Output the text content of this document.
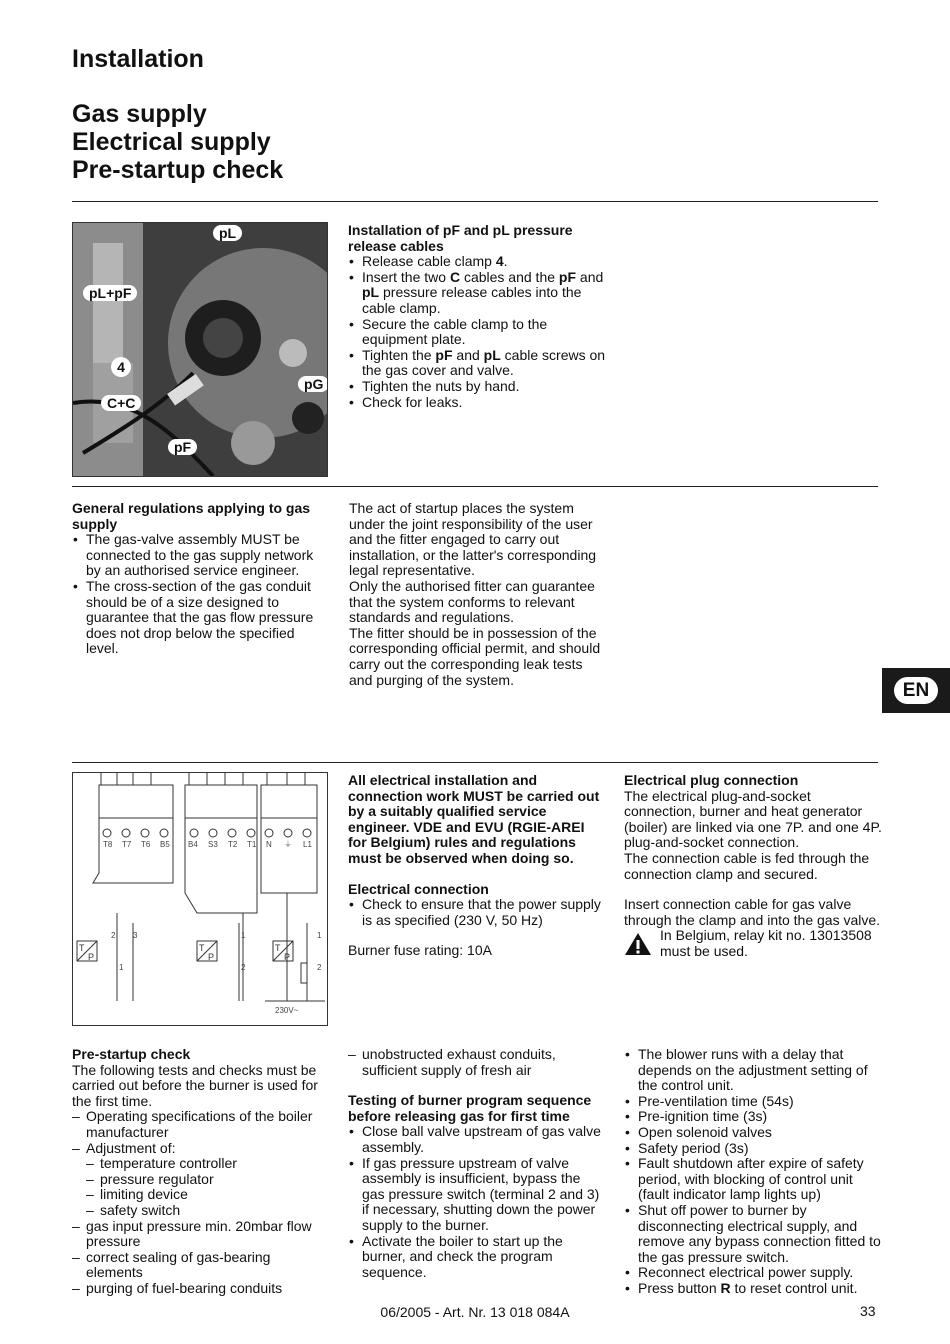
Installation
Gas supply
Electrical supply
Pre-startup check
pL
pL+pF
4
C+C
pF
pG
Installation of pF and pL pressure release cables
• Release cable clamp 4.
• Insert the two C cables and the pF and pL pressure release cables into the cable clamp.
• Secure the cable clamp to the equipment plate.
• Tighten the pF and pL cable screws on the gas cover and valve.
• Tighten the nuts by hand.
• Check for leaks.
General regulations applying to gas supply
• The gas-valve assembly MUST be connected to the gas supply network by an authorised service engineer.
• The cross-section of the gas conduit should be of a size designed to guarantee that the gas flow pressure does not drop below the specified level.
The act of startup places the system under the joint responsibility of the user and the fitter engaged to carry out installation, or the latter's corresponding legal representative.
Only the authorised fitter can guarantee that the system conforms to relevant standards and regulations.
The fitter should be in possession of the corresponding official permit, and should carry out the corresponding leak tests and purging of the system.
EN
T8 T7 T6 B5 B4 S3 T2 T1 N ⏚ L1
2 3
1
1
2
1
2
230V~
T
P
T
P
T
P
All electrical installation and connection work MUST be carried out by a suitably qualified service engineer. VDE and EVU (RGIE-AREI for Belgium) rules and regulations must be observed when doing so.
Electrical connection
• Check to ensure that the power supply is as specified (230 V, 50 Hz)
Burner fuse rating: 10A
Electrical plug connection
The electrical plug-and-socket connection, burner and heat generator (boiler) are linked via one 7P. and one 4P. plug-and-socket connection.
The connection cable is fed through the connection clamp and secured.
Insert connection cable for gas valve through the clamp and into the gas valve.
In Belgium, relay kit no. 13013508 must be used.
Pre-startup check
The following tests and checks must be carried out before the burner is used for the first time.
– Operating specifications of the boiler manufacturer
– Adjustment of:
– temperature controller
– pressure regulator
– limiting device
– safety switch
– gas input pressure min. 20mbar flow pressure
– correct sealing of gas-bearing elements
– purging of fuel-bearing conduits
– unobstructed exhaust conduits, sufficient supply of fresh air
Testing of burner program sequence before releasing gas for first time
• Close ball valve upstream of gas valve assembly.
• If gas pressure upstream of valve assembly is insufficient, bypass the gas pressure switch (terminal 2 and 3) if necessary, shutting down the power supply to the burner.
• Activate the boiler to start up the burner, and check the program sequence.
• The blower runs with a delay that depends on the adjustment setting of the control unit.
• Pre-ventilation time (54s)
• Pre-ignition time (3s)
• Open solenoid valves
• Safety period (3s)
• Fault shutdown after expire of safety period, with blocking of control unit (fault indicator lamp lights up)
• Shut off power to burner by disconnecting electrical supply, and remove any bypass connection fitted to the gas pressure switch.
• Reconnect electrical power supply.
• Press button R to reset control unit.
06/2005 - Art. Nr. 13 018 084A	33
